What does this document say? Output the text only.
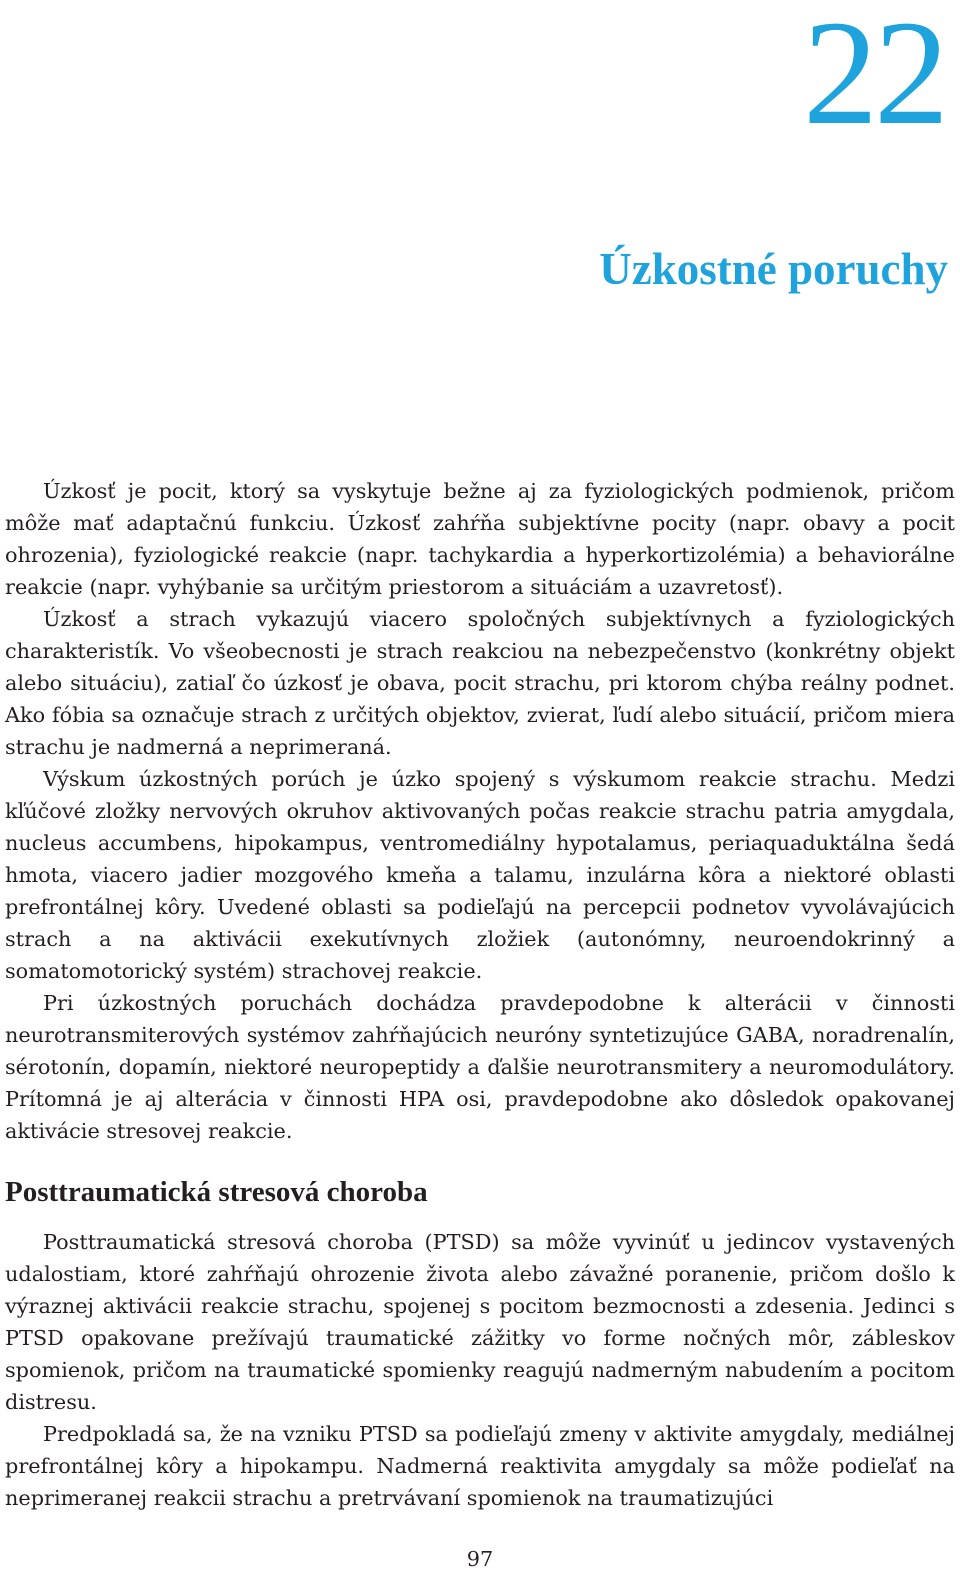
22
Úzkostné poruchy

Úzkosť je pocit, ktorý sa vyskytuje bežne aj za fyziologických podmienok, pričom môže mať adaptačnú funkciu. Úzkosť zahŕňa subjektívne pocity (napr. obavy a pocit ohrozenia), fyziologické reakcie (napr. tachykardia a hyperkortizolémia) a behaviorálne reakcie (napr. vyhýbanie sa určitým priestorom a situáciám a uzavretosť).

Úzkosť a strach vykazujú viacero spoločných subjektívnych a fyziologických charakteristík. Vo všeobecnosti je strach reakciou na nebezpečenstvo (konkrétny objekt alebo situáciu), zatiaľ čo úzkosť je obava, pocit strachu, pri ktorom chýba reálny podnet. Ako fóbia sa označuje strach z určitých objektov, zvierat, ľudí alebo situácií, pričom miera strachu je nadmerná a neprimeraná.

Výskum úzkostných porúch je úzko spojený s výskumom reakcie strachu. Medzi kľúčové zložky nervových okruhov aktivovaných počas reakcie strachu patria amygdala, nucleus accumbens, hipokampus, ventromediálny hypotalamus, periaquaduktálna šedá hmota, viacero jadier mozgového kmeňa a talamu, inzulárna kôra a niektoré oblasti prefrontálnej kôry. Uvedené oblasti sa podieľajú na percepcii podnetov vyvolávajúcich strach a na aktivácii exekutívnych zložiek (autonómny, neuroendokrinný a somatomotorický systém) strachovej reakcie.

Pri úzkostných poruchách dochádza pravdepodobne k alterácii v činnosti neurotransmiterových systémov zahŕňajúcich neuróny syntetizujúce GABA, noradrenalín, sérotonín, dopamín, niektoré neuropeptidy a ďalšie neurotransmitery a neuromodulátory. Prítomná je aj alterácia v činnosti HPA osi, pravdepodobne ako dôsledok opakovanej aktivácie stresovej reakcie.

Posttraumatická stresová choroba

Posttraumatická stresová choroba (PTSD) sa môže vyvinúť u jedincov vystavených udalostiam, ktoré zahŕňajú ohrozenie života alebo závažné poranenie, pričom došlo k výraznej aktivácii reakcie strachu, spojenej s pocitom bezmocnosti a zdesenia. Jedinci s PTSD opakovane prežívajú traumatické zážitky vo forme nočných môr, zábleskov spomienok, pričom na traumatické spomienky reagujú nadmerným nabudením a pocitom distresu.

Predpokladá sa, že na vzniku PTSD sa podieľajú zmeny v aktivite amygdaly, mediálnej prefrontálnej kôry a hipokampu. Nadmerná reaktivita amygdaly sa môže podieľať na neprimeranej reakcii strachu a pretrvávaní spomienok na traumatizujúci

97
